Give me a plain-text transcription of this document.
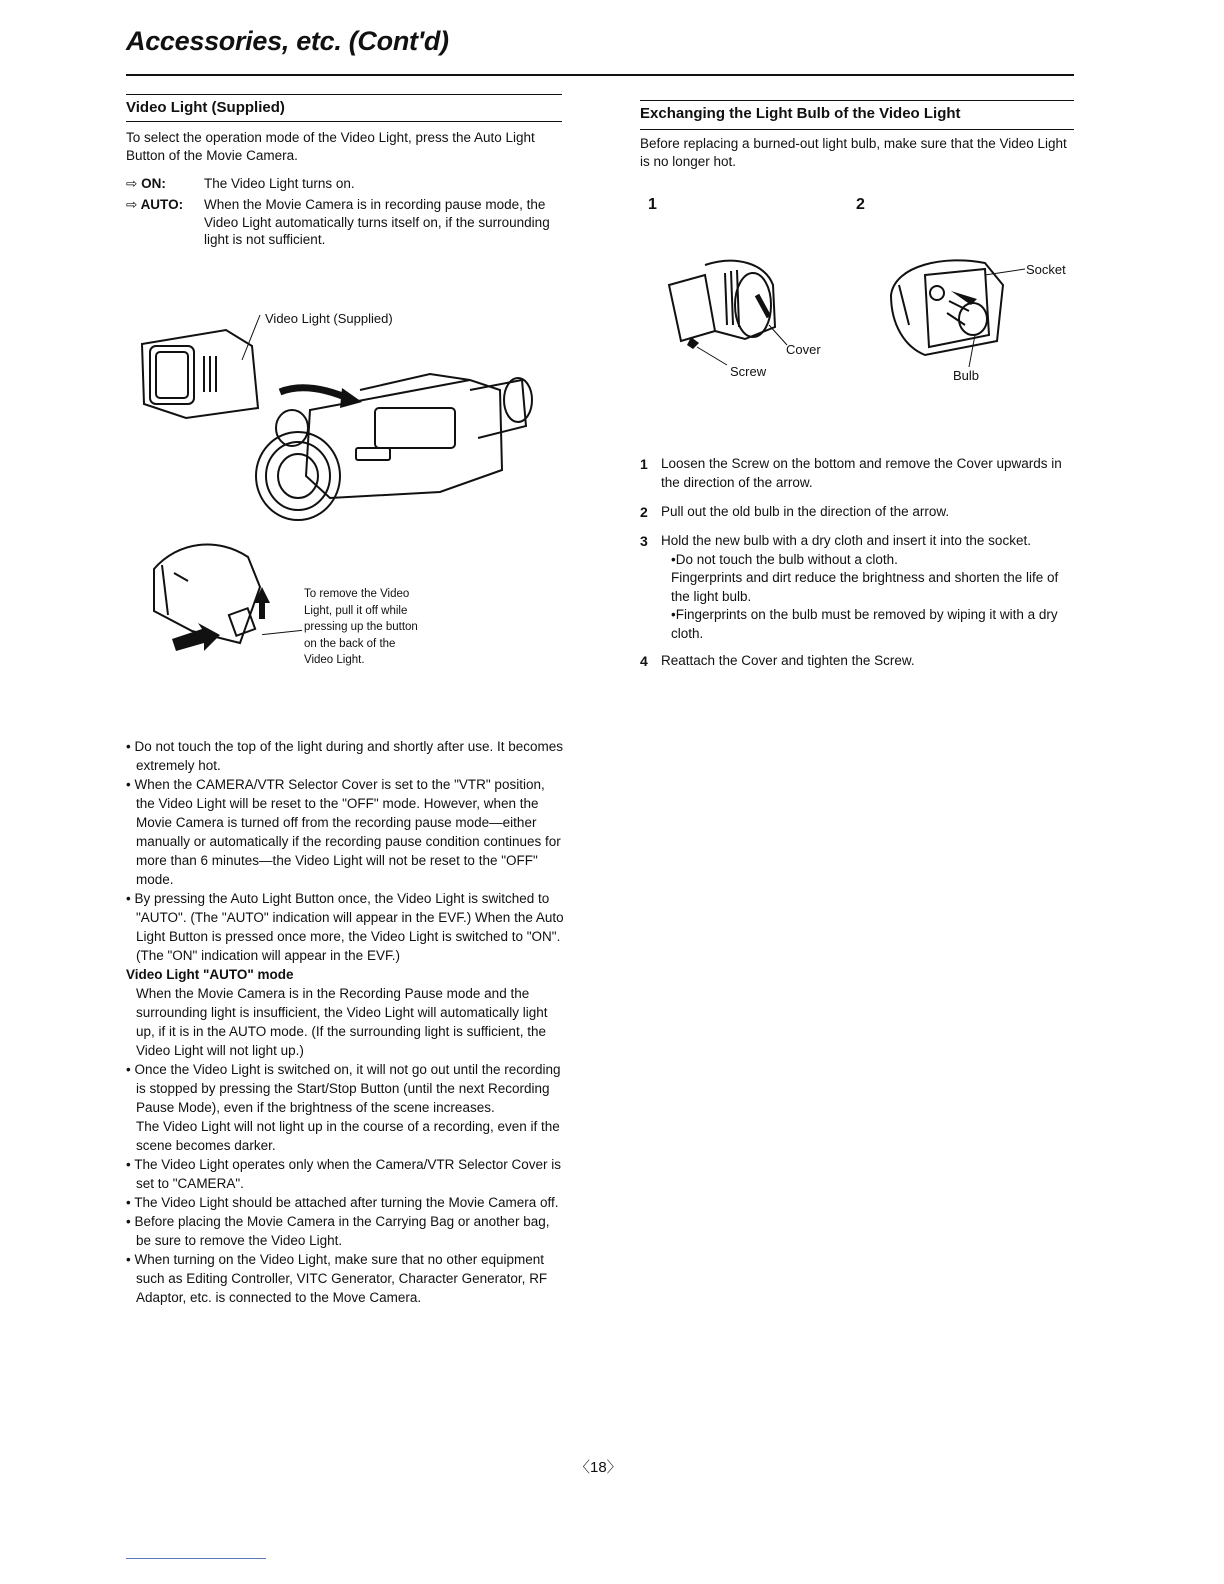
Accessories, etc. (Cont'd)
Video Light (Supplied)
To select the operation mode of the Video Light, press the Auto Light Button of the Movie Camera.
⇨ ON:	The Video Light turns on.
⇨ AUTO: When the Movie Camera is in recording pause mode, the Video Light automatically turns itself on, if the surrounding light is not sufficient.
Video Light (Supplied)
To remove the Video Light, pull it off while pressing up the button on the back of the Video Light.
• Do not touch the top of the light during and shortly after use. It becomes extremely hot.
• When the CAMERA/VTR Selector Cover is set to the "VTR" position, the Video Light will be reset to the "OFF" mode. However, when the Movie Camera is turned off from the recording pause mode—either manually or automatically if the recording pause condition continues for more than 6 minutes—the Video Light will not be reset to the "OFF" mode.
• By pressing the Auto Light Button once, the Video Light is switched to "AUTO". (The "AUTO" indication will appear in the EVF.) When the Auto Light Button is pressed once more, the Video Light is switched to "ON". (The "ON" indication will appear in the EVF.)
Video Light "AUTO" mode
When the Movie Camera is in the Recording Pause mode and the surrounding light is insufficient, the Video Light will automatically light up, if it is in the AUTO mode. (If the surrounding light is sufficient, the Video Light will not light up.)
• Once the Video Light is switched on, it will not go out until the recording is stopped by pressing the Start/Stop Button (until the next Recording Pause Mode), even if the brightness of the scene increases.
The Video Light will not light up in the course of a recording, even if the scene becomes darker.
• The Video Light operates only when the Camera/VTR Selector Cover is set to "CAMERA".
• The Video Light should be attached after turning the Movie Camera off.
• Before placing the Movie Camera in the Carrying Bag or another bag, be sure to remove the Video Light.
• When turning on the Video Light, make sure that no other equipment such as Editing Controller, VITC Generator, Character Generator, RF Adaptor, etc. is connected to the Move Camera.
Exchanging the Light Bulb of the Video Light
Before replacing a burned-out light bulb, make sure that the Video Light is no longer hot.
1	2
Cover
Screw
Socket
Bulb
1 Loosen the Screw on the bottom and remove the Cover upwards in the direction of the arrow.
2 Pull out the old bulb in the direction of the arrow.
3 Hold the new bulb with a dry cloth and insert it into the socket.
•Do not touch the bulb without a cloth.
Fingerprints and dirt reduce the brightness and shorten the life of the light bulb.
•Fingerprints on the bulb must be removed by wiping it with a dry cloth.
4 Reattach the Cover and tighten the Screw.
〈18〉
